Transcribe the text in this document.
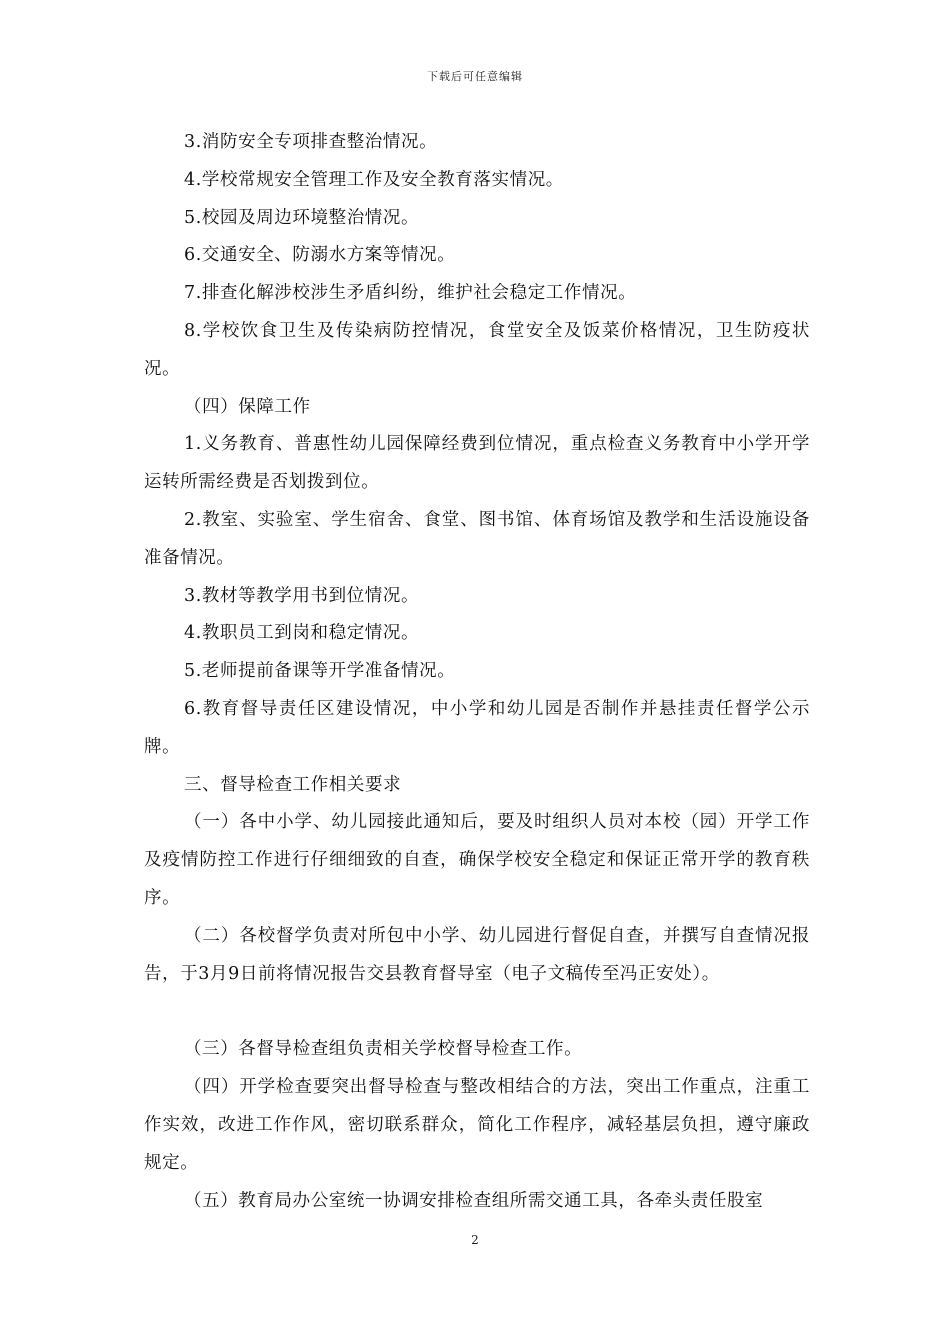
下载后可任意编辑

3.消防安全专项排查整治情况。

4.学校常规安全管理工作及安全教育落实情况。

5.校园及周边环境整治情况。

6.交通安全、防溺水方案等情况。

7.排查化解涉校涉生矛盾纠纷，维护社会稳定工作情况。

8.学校饮食卫生及传染病防控情况，食堂安全及饭菜价格情况，卫生防疫状况。

（四）保障工作

1.义务教育、普惠性幼儿园保障经费到位情况，重点检查义务教育中小学开学运转所需经费是否划拨到位。

2.教室、实验室、学生宿舍、食堂、图书馆、体育场馆及教学和生活设施设备准备情况。

3.教材等教学用书到位情况。

4.教职员工到岗和稳定情况。

5.老师提前备课等开学准备情况。

6.教育督导责任区建设情况，中小学和幼儿园是否制作并悬挂责任督学公示牌。

三、督导检查工作相关要求

（一）各中小学、幼儿园接此通知后，要及时组织人员对本校（园）开学工作及疫情防控工作进行仔细细致的自查，确保学校安全稳定和保证正常开学的教育秩序。

（二）各校督学负责对所包中小学、幼儿园进行督促自查，并撰写自查情况报告，于3月9日前将情况报告交县教育督导室（电子文稿传至冯正安处）。

（三）各督导检查组负责相关学校督导检查工作。

（四）开学检查要突出督导检查与整改相结合的方法，突出工作重点，注重工作实效，改进工作作风，密切联系群众，简化工作程序，减轻基层负担，遵守廉政规定。

（五）教育局办公室统一协调安排检查组所需交通工具，各牵头责任股室

2
